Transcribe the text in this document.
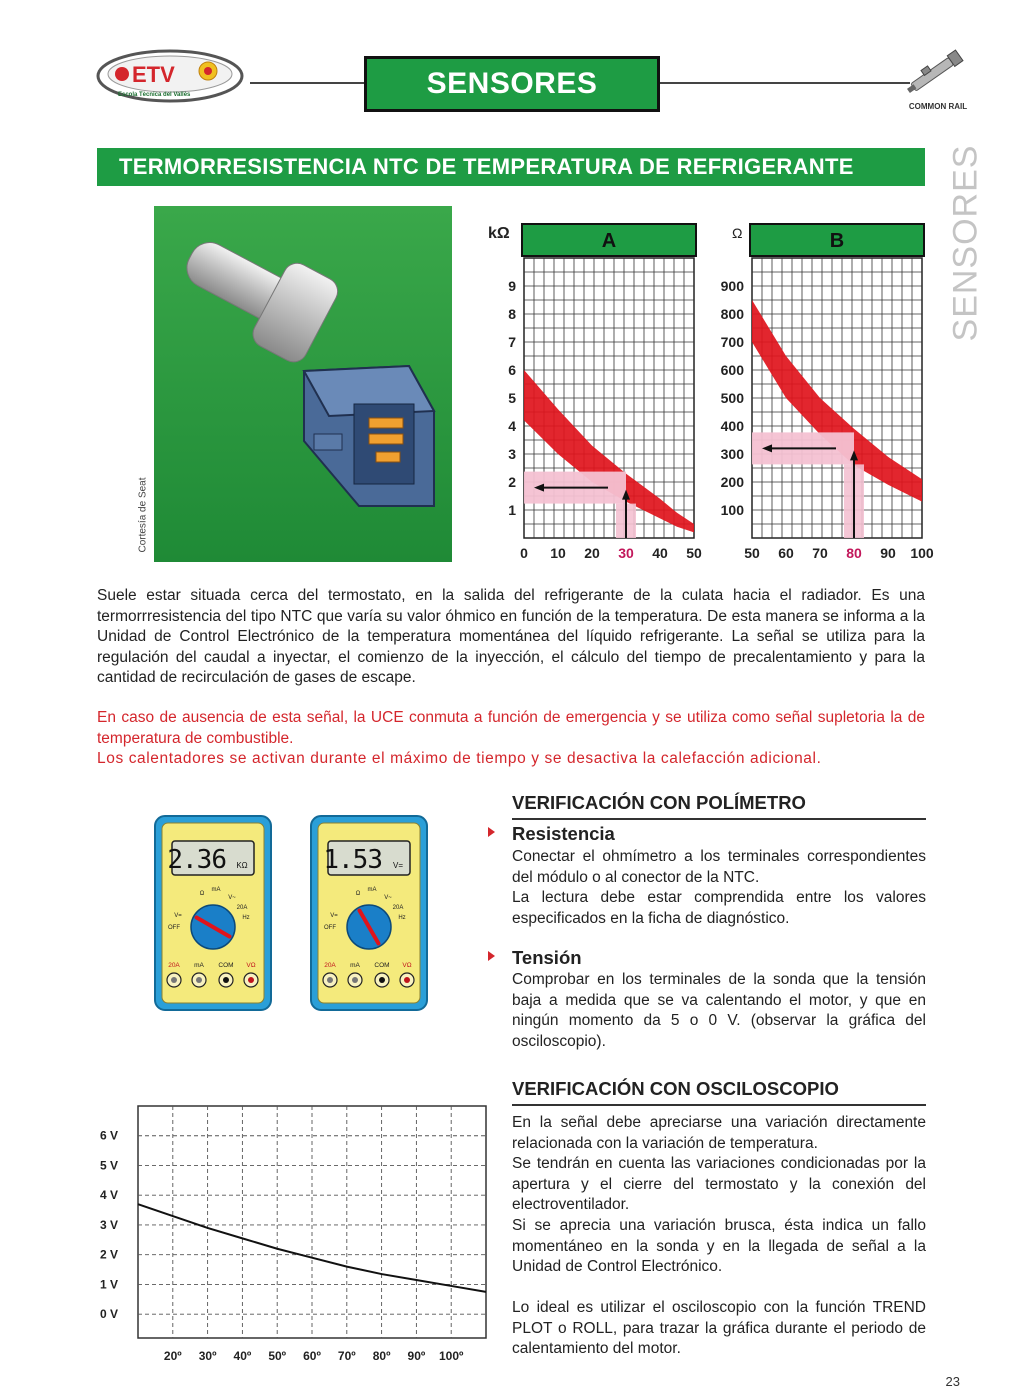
ETV
Escola Tècnica del Vallès	SENSORES
COMMON RAIL
SENSORES
TERMORRESISTENCIA NTC DE TEMPERATURA DE REFRIGERANTE
Cortesía de Seat
A
kΩ
1
2
3
4
5
6
7
8
9
0 10 20 30 40 50
B
Ω
100
200
300
400
500
600
700
800
900
50 60 70 80 90 100

Suele estar situada cerca del termostato, en la salida del refrigerante de la culata hacia el radiador. Es una termorrresistencia del tipo NTC que varía su valor óhmico en función de la temperatura. De esta manera se informa a la Unidad de Control Electrónico de la temperatura momentánea del líquido refrigerante. La señal se utiliza para la regulación del caudal a inyectar, el comienzo de la inyección, el cálculo del tiempo de precalentamiento y para la cantidad de recirculación de gases de escape.

En caso de ausencia de esta señal, la UCE conmuta a función de emergencia y se utiliza como señal supletoria la de temperatura de combustible.
Los calentadores se activan durante el máximo de tiempo y se desactiva la calefacción adicional.
VERIFICACIÓN CON POLÍMETRO
Resistencia
Conectar el ohmímetro a los terminales correspondientes del módulo o al conector de la NTC.
La lectura debe estar comprendida entre los valores especificados en la ficha de diagnóstico.
Tensión
Comprobar en los terminales de la sonda que la tensión baja a medida que se va calentando el motor, y que en ningún momento da 5 o 0 V. (observar la gráfica del osciloscopio).
2.36 KΩ
Ω
mA
V~
20A
Hz
V=
OFF
20A mA COM VΩ
1.53 V=
Ω
mA
V~
20A
Hz
V=
OFF
20A mA COM VΩ
VERIFICACIÓN CON OSCILOSCOPIO
En la señal debe apreciarse una variación directamente relacionada con la variación de temperatura.
Se tendrán en cuenta las variaciones condicionadas por la apertura y el cierre del termostato y la conexión del electroventilador.
Si se aprecia una variación brusca, ésta indica un fallo momentáneo en la sonda y en la llegada de señal a la Unidad de Control Electrónico.
Lo ideal es utilizar el osciloscopio con la función TREND PLOT o ROLL, para trazar la gráfica durante el periodo de calentamiento del motor.
6 V
5 V
4 V
3 V
2 V
1 V
0 V
20º 30º 40º 50º 60º 70º 80º 90º 100º
23
